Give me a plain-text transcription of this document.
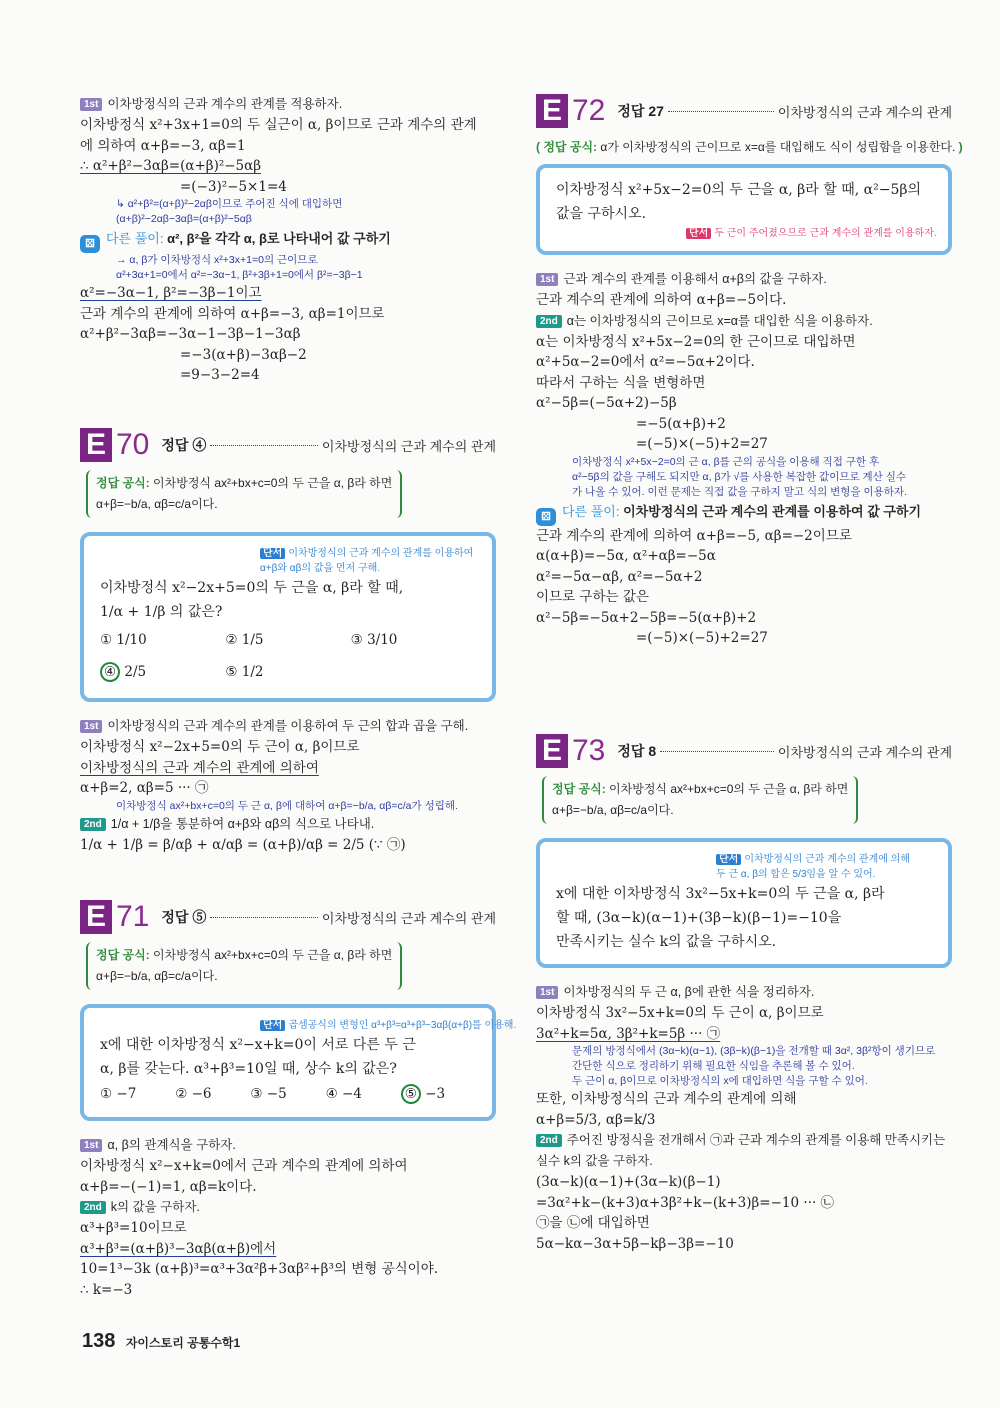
1st 이차방정식의 근과 계수의 관계를 적용하자.
이차방정식 x²+3x+1=0의 두 실근이 α, β이므로 근과 계수의 관계
에 의하여 α+β=−3, αβ=1
∴ α²+β²−3αβ=(α+β)²−5αβ
=(−3)²−5×1=4
↳ α²+β²=(α+β)²−2αβ이므로 주어진 식에 대입하면
(α+β)²−2αβ−3αβ=(α+β)²−5αβ
⚄ 다른 풀이: α², β²을 각각 α, β로 나타내어 값 구하기
→ α, β가 이차방정식 x²+3x+1=0의 근이므로
α²+3α+1=0에서 α²=−3α−1, β²+3β+1=0에서 β²=−3β−1
α²=−3α−1, β²=−3β−1이고
근과 계수의 관계에 의하여 α+β=−3, αβ=1이므로
α²+β²−3αβ=−3α−1−3β−1−3αβ
=−3(α+β)−3αβ−2
=9−3−2=4
E 70 정답 ④	이차방정식의 근과 계수의 관계
정답 공식: 이차방정식 ax²+bx+c=0의 두 근을 α, β라 하면
α+β=−b/a, αβ=c/a이다.
단서 이차방정식의 근과 계수의 관계를 이용하여
α+β와 αβ의 값을 먼저 구해.
이차방정식 x²−2x+5=0의 두 근을 α, β라 할 때,
1/α + 1/β 의 값은?
① 1/10	② 1/5	③ 3/10
④ 2/5	⑤ 1/2
1st 이차방정식의 근과 계수의 관계를 이용하여 두 근의 합과 곱을 구해.
이차방정식 x²−2x+5=0의 두 근이 α, β이므로
이차방정식의 근과 계수의 관계에 의하여
α+β=2, αβ=5 ··· ㉠
이차방정식 ax²+bx+c=0의 두 근 α, β에 대하여 α+β=−b/a, αβ=c/a가 성립해.
2nd 1/α + 1/β을 통분하여 α+β와 αβ의 식으로 나타내.
1/α + 1/β = β/αβ + α/αβ = (α+β)/αβ = 2/5 (∵ ㉠)
E 71 정답 ⑤	이차방정식의 근과 계수의 관계
정답 공식: 이차방정식 ax²+bx+c=0의 두 근을 α, β라 하면
α+β=−b/a, αβ=c/a이다.
단서 곱셈공식의 변형인 α³+β³=α³+β³−3αβ(α+β)를 이용해.
x에 대한 이차방정식 x²−x+k=0이 서로 다른 두 근
α, β를 갖는다. α³+β³=10일 때, 상수 k의 값은?
① −7	② −6	③ −5	④ −4	⑤ −3
1st α, β의 관계식을 구하자.
이차방정식 x²−x+k=0에서 근과 계수의 관계에 의하여
α+β=−(−1)=1, αβ=k이다.
2nd k의 값을 구하자.
α³+β³=10이므로
α³+β³=(α+β)³−3αβ(α+β)에서
10=1³−3k (α+β)³=α³+3α²β+3αβ²+β³의 변형 공식이야.
∴ k=−3
E 72 정답 27	이차방정식의 근과 계수의 관계
( 정답 공식: α가 이차방정식의 근이므로 x=α를 대입해도 식이 성립함을 이용한다. )
이차방정식 x²+5x−2=0의 두 근을 α, β라 할 때, α²−5β의
값을 구하시오.
단서 두 근이 주어졌으므로 근과 계수의 관계를 이용하자.
1st 근과 계수의 관계를 이용해서 α+β의 값을 구하자.
근과 계수의 관계에 의하여 α+β=−5이다.
2nd α는 이차방정식의 근이므로 x=α를 대입한 식을 이용하자.
α는 이차방정식 x²+5x−2=0의 한 근이므로 대입하면
α²+5α−2=0에서 α²=−5α+2이다.
따라서 구하는 식을 변형하면
α²−5β=(−5α+2)−5β
=−5(α+β)+2
=(−5)×(−5)+2=27
이차방정식 x²+5x−2=0의 근 α, β를 근의 공식을 이용해 직접 구한 후
α²−5β의 값을 구해도 되지만 α, β가 √를 사용한 복잡한 값이므로 계산 실수
가 나올 수 있어. 이런 문제는 직접 값을 구하지 말고 식의 변형을 이용하자.
⚄ 다른 풀이: 이차방정식의 근과 계수의 관계를 이용하여 값 구하기
근과 계수의 관계에 의하여 α+β=−5, αβ=−2이므로
α(α+β)=−5α, α²+αβ=−5α
α²=−5α−αβ, α²=−5α+2
이므로 구하는 값은
α²−5β=−5α+2−5β=−5(α+β)+2
=(−5)×(−5)+2=27
E 73 정답 8	이차방정식의 근과 계수의 관계
정답 공식: 이차방정식 ax²+bx+c=0의 두 근을 α, β라 하면
α+β=−b/a, αβ=c/a이다.
단서 이차방정식의 근과 계수의 관계에 의해
두 근 α, β의 합은 5/3임을 알 수 있어.
x에 대한 이차방정식 3x²−5x+k=0의 두 근을 α, β라
할 때, (3α−k)(α−1)+(3β−k)(β−1)=−10을
만족시키는 실수 k의 값을 구하시오.
1st 이차방정식의 두 근 α, β에 관한 식을 정리하자.
이차방정식 3x²−5x+k=0의 두 근이 α, β이므로
3α²+k=5α, 3β²+k=5β ··· ㉠
문제의 방정식에서 (3α−k)(α−1), (3β−k)(β−1)을 전개할 때 3α², 3β²항이 생기므로
간단한 식으로 정리하기 위해 필요한 식임을 추론해 볼 수 있어.
두 근이 α, β이므로 이차방정식의 x에 대입하면 식을 구할 수 있어.
또한, 이차방정식의 근과 계수의 관계에 의해
α+β=5/3, αβ=k/3
2nd 주어진 방정식을 전개해서 ㉠과 근과 계수의 관계를 이용해 만족시키는
실수 k의 값을 구하자.
(3α−k)(α−1)+(3α−k)(β−1)
=3α²+k−(k+3)α+3β²+k−(k+3)β=−10 ··· ㉡
㉠을 ㉡에 대입하면
5α−kα−3α+5β−kβ−3β=−10
138 자이스토리 공통수학1
